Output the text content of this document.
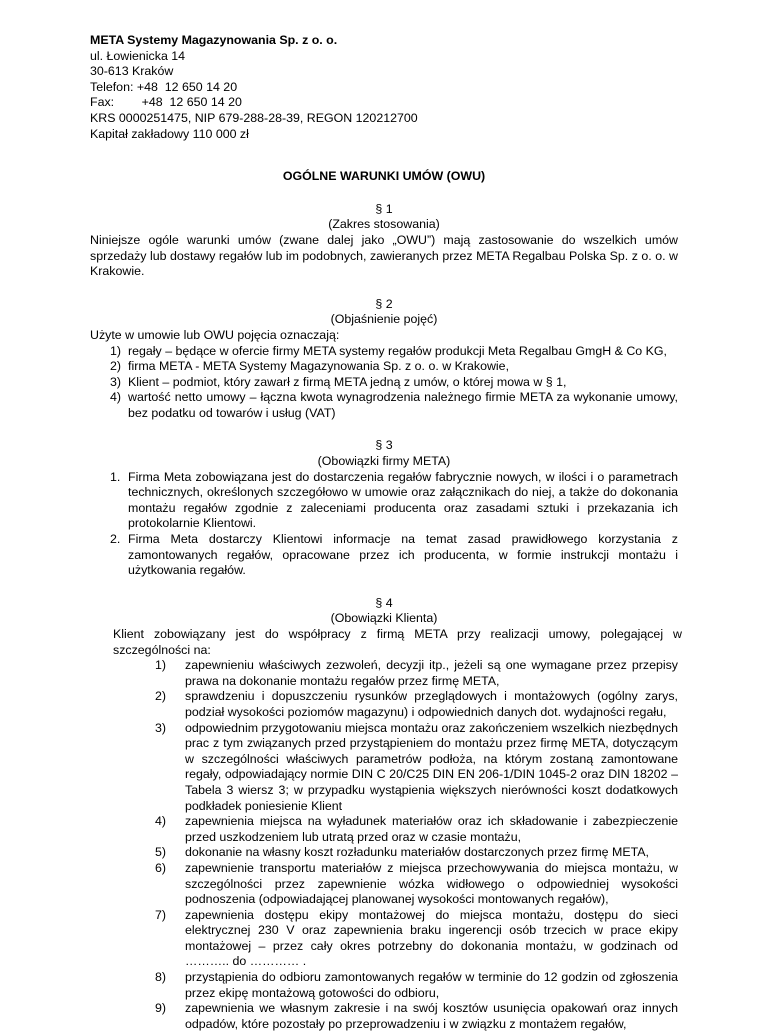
META Systemy Magazynowania Sp. z o. o.
ul. Łowienicka 14
30-613 Kraków
Telefon: +48  12 650 14 20
Fax:        +48  12 650 14 20
KRS 0000251475, NIP 679-288-28-39, REGON 120212700
Kapitał zakładowy 110 000 zł
OGÓLNE WARUNKI UMÓW (OWU)
§ 1
(Zakres stosowania)
Niniejsze ogóle warunki umów (zwane dalej jako „OWU”) mają zastosowanie do wszelkich umów sprzedaży lub dostawy regałów lub im podobnych, zawieranych przez META Regalbau Polska Sp. z o. o. w Krakowie.
§ 2
(Objaśnienie pojęć)
Użyte w umowie lub OWU pojęcia oznaczają:
1) regały – będące w ofercie firmy META systemy regałów produkcji Meta Regalbau GmgH & Co KG,
2) firma META - META Systemy Magazynowania Sp. z o. o. w Krakowie,
3) Klient – podmiot, który zawarł z firmą META jedną z umów, o której mowa w § 1,
4) wartość netto umowy – łączna kwota wynagrodzenia należnego firmie META za wykonanie umowy, bez podatku od towarów i usług (VAT)
§ 3
(Obowiązki firmy META)
1. Firma Meta zobowiązana jest do dostarczenia regałów fabrycznie nowych, w ilości i o parametrach technicznych, określonych szczegółowo w umowie oraz załącznikach do niej, a także do dokonania montażu regałów zgodnie z zaleceniami producenta oraz zasadami sztuki i przekazania ich protokolarnie Klientowi.
2. Firma Meta dostarczy Klientowi informacje na temat zasad prawidłowego korzystania z zamontowanych regałów, opracowane przez ich producenta, w formie instrukcji montażu i użytkowania regałów.
§ 4
(Obowiązki Klienta)
Klient zobowiązany jest do współpracy z firmą META przy realizacji umowy, polegającej w szczególności na:
1)	zapewnieniu właściwych zezwoleń, decyzji itp., jeżeli są one wymagane przez przepisy prawa na dokonanie montażu regałów przez firmę META,
2)	sprawdzeniu i dopuszczeniu rysunków przeglądowych i montażowych (ogólny zarys, podział wysokości poziomów magazynu) i odpowiednich danych dot. wydajności regału,
3)	odpowiednim przygotowaniu miejsca montażu oraz zakończeniem wszelkich niezbędnych prac z tym związanych przed przystąpieniem do montażu przez firmę META, dotyczącym w szczególności właściwych parametrów podłoża, na którym zostaną zamontowane regały, odpowiadający normie DIN C 20/C25 DIN EN 206-1/DIN 1045-2 oraz DIN 18202 – Tabela 3 wiersz 3; w przypadku wystąpienia większych nierówności koszt dodatkowych podkładek poniesienie Klient
4)	zapewnienia miejsca na wyładunek materiałów oraz ich składowanie i zabezpieczenie przed uszkodzeniem lub utratą przed oraz w czasie montażu,
5)	dokonanie na własny koszt rozładunku materiałów dostarczonych przez firmę META,
6)	zapewnienie transportu materiałów z miejsca przechowywania do miejsca montażu, w szczególności przez zapewnienie wózka widłowego o odpowiedniej wysokości podnoszenia (odpowiadającej planowanej wysokości montowanych regałów),
7)	zapewnienia dostępu ekipy montażowej do miejsca montażu, dostępu do sieci elektrycznej 230 V oraz zapewnienia braku ingerencji osób trzecich w prace ekipy montażowej – przez cały okres potrzebny do dokonania montażu, w godzinach od ……….. do ………… .
8)	przystąpienia do odbioru zamontowanych regałów w terminie do 12 godzin od zgłoszenia przez ekipę montażową gotowości do odbioru,
9)	zapewnienia we własnym zakresie i na swój kosztów usunięcia opakowań oraz innych odpadów, które pozostały po przeprowadzeniu i w związku z montażem regałów,
